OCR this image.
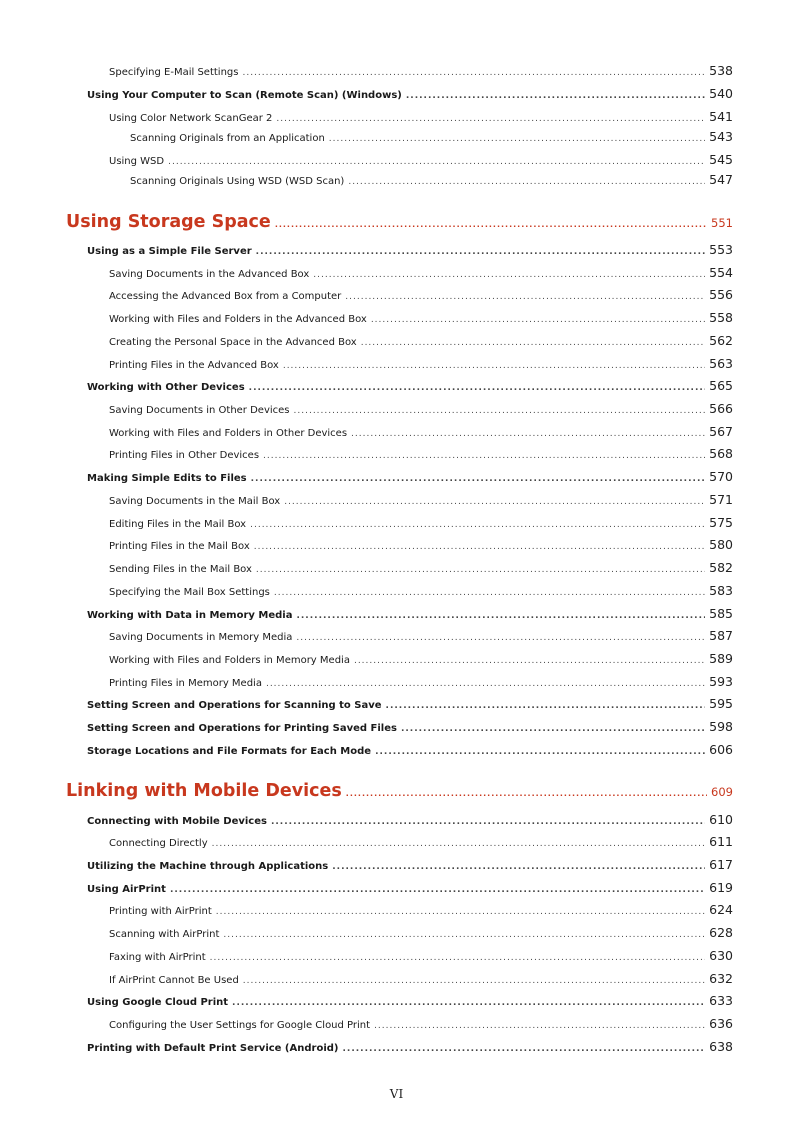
Specifying E-Mail Settings .....	538
Using Your Computer to Scan (Remote Scan) (Windows) .....	540
Using Color Network ScanGear 2 .....	541
Scanning Originals from an Application .....	543
Using WSD .....	545
Scanning Originals Using WSD (WSD Scan) .....	547
Using Storage Space .....	551
Using as a Simple File Server .....	553
Saving Documents in the Advanced Box .....	554
Accessing the Advanced Box from a Computer .....	556
Working with Files and Folders in the Advanced Box .....	558
Creating the Personal Space in the Advanced Box .....	562
Printing Files in the Advanced Box .....	563
Working with Other Devices .....	565
Saving Documents in Other Devices .....	566
Working with Files and Folders in Other Devices .....	567
Printing Files in Other Devices .....	568
Making Simple Edits to Files .....	570
Saving Documents in the Mail Box .....	571
Editing Files in the Mail Box .....	575
Printing Files in the Mail Box .....	580
Sending Files in the Mail Box .....	582
Specifying the Mail Box Settings .....	583
Working with Data in Memory Media .....	585
Saving Documents in Memory Media .....	587
Working with Files and Folders in Memory Media .....	589
Printing Files in Memory Media .....	593
Setting Screen and Operations for Scanning to Save .....	595
Setting Screen and Operations for Printing Saved Files .....	598
Storage Locations and File Formats for Each Mode .....	606
Linking with Mobile Devices .....	609
Connecting with Mobile Devices .....	610
Connecting Directly .....	611
Utilizing the Machine through Applications .....	617
Using AirPrint .....	619
Printing with AirPrint .....	624
Scanning with AirPrint .....	628
Faxing with AirPrint .....	630
If AirPrint Cannot Be Used .....	632
Using Google Cloud Print .....	633
Configuring the User Settings for Google Cloud Print .....	636
Printing with Default Print Service (Android) .....	638
VI
